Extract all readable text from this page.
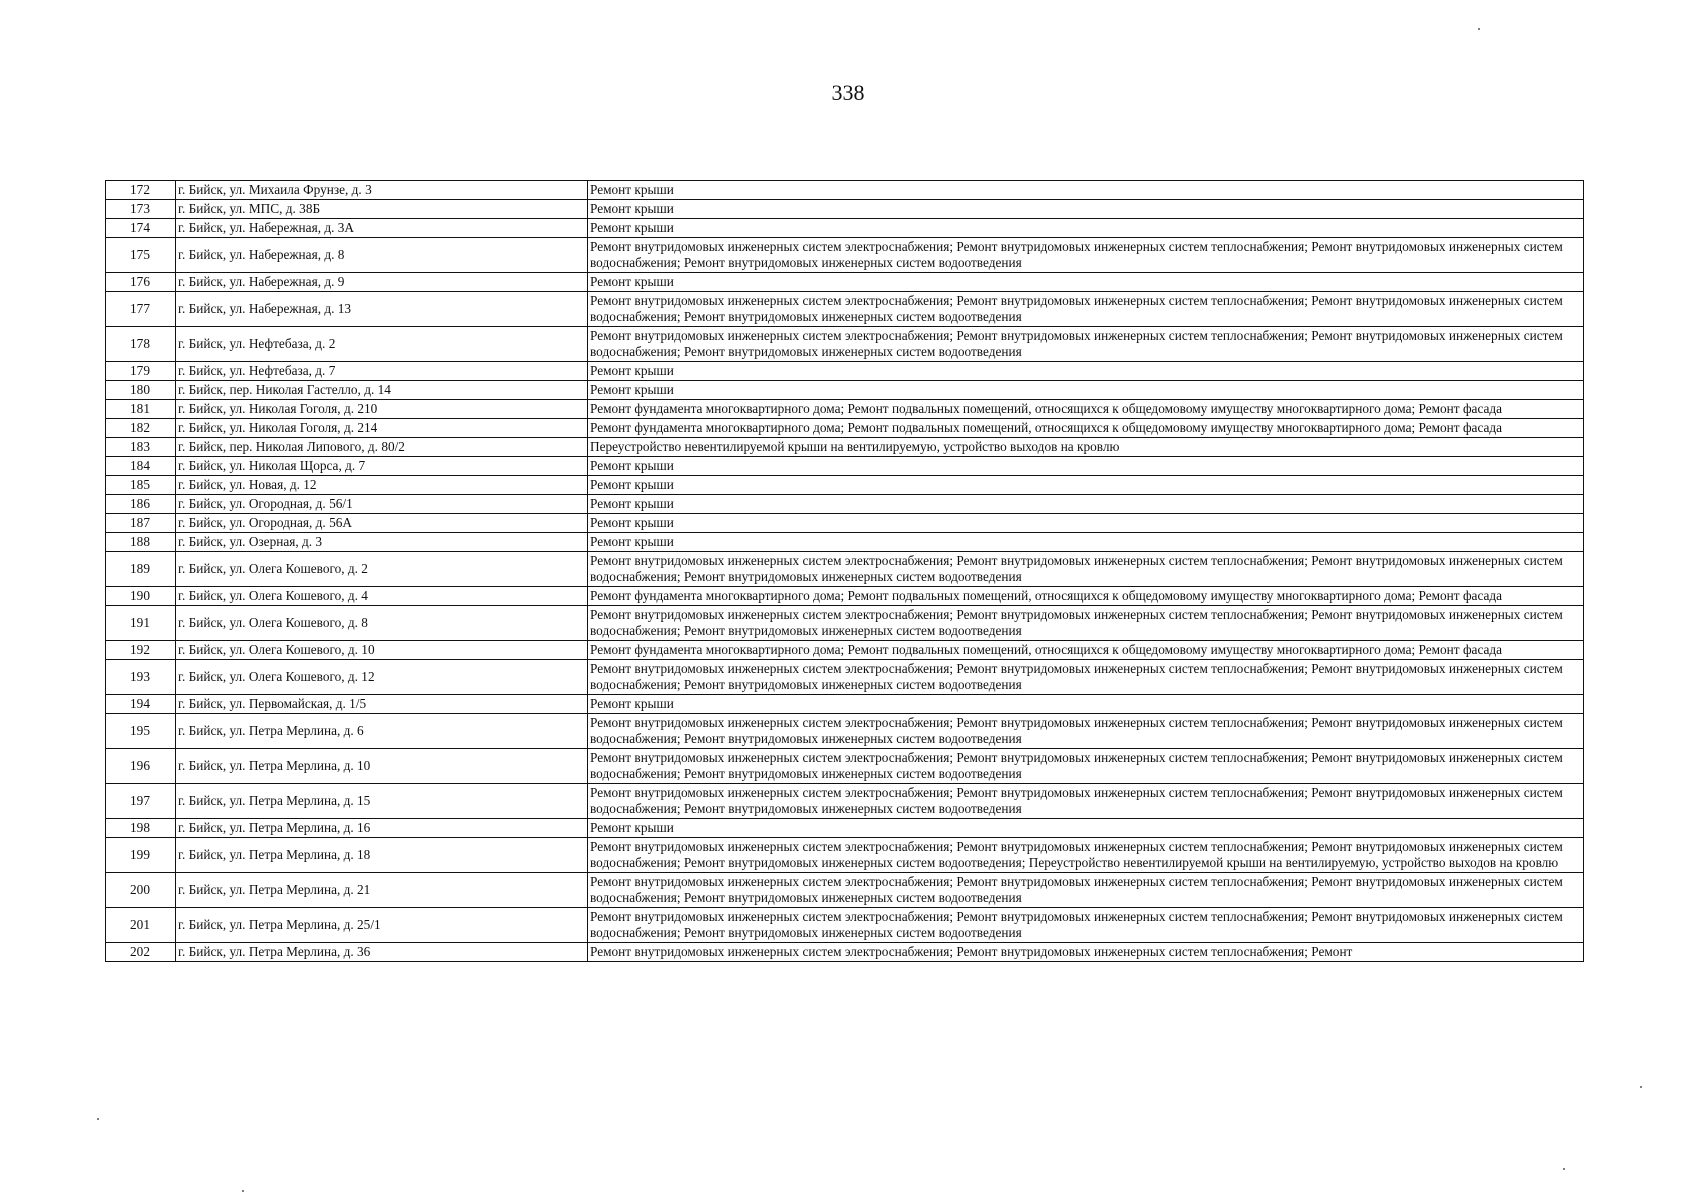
338
172	г. Бийск, ул. Михаила Фрунзе, д. 3	Ремонт крыши
173	г. Бийск, ул. МПС, д. 38Б	Ремонт крыши
174	г. Бийск, ул. Набережная, д. 3А	Ремонт крыши
175	г. Бийск, ул. Набережная, д. 8	Ремонт внутридомовых инженерных систем электроснабжения; Ремонт внутридомовых инженерных систем теплоснабжения; Ремонт внутридомовых инженерных систем водоснабжения; Ремонт внутридомовых инженерных систем водоотведения
176	г. Бийск, ул. Набережная, д. 9	Ремонт крыши
177	г. Бийск, ул. Набережная, д. 13	Ремонт внутридомовых инженерных систем электроснабжения; Ремонт внутридомовых инженерных систем теплоснабжения; Ремонт внутридомовых инженерных систем водоснабжения; Ремонт внутридомовых инженерных систем водоотведения
178	г. Бийск, ул. Нефтебаза, д. 2	Ремонт внутридомовых инженерных систем электроснабжения; Ремонт внутридомовых инженерных систем теплоснабжения; Ремонт внутридомовых инженерных систем водоснабжения; Ремонт внутридомовых инженерных систем водоотведения
179	г. Бийск, ул. Нефтебаза, д. 7	Ремонт крыши
180	г. Бийск, пер. Николая Гастелло, д. 14	Ремонт крыши
181	г. Бийск, ул. Николая Гоголя, д. 210	Ремонт фундамента многоквартирного дома; Ремонт подвальных помещений, относящихся к общедомовому имуществу многоквартирного дома; Ремонт фасада
182	г. Бийск, ул. Николая Гоголя, д. 214	Ремонт фундамента многоквартирного дома; Ремонт подвальных помещений, относящихся к общедомовому имуществу многоквартирного дома; Ремонт фасада
183	г. Бийск, пер. Николая Липового, д. 80/2	Переустройство невентилируемой крыши на вентилируемую, устройство выходов на кровлю
184	г. Бийск, ул. Николая Щорса, д. 7	Ремонт крыши
185	г. Бийск, ул. Новая, д. 12	Ремонт крыши
186	г. Бийск, ул. Огородная, д. 56/1	Ремонт крыши
187	г. Бийск, ул. Огородная, д. 56А	Ремонт крыши
188	г. Бийск, ул. Озерная, д. 3	Ремонт крыши
189	г. Бийск, ул. Олега Кошевого, д. 2	Ремонт внутридомовых инженерных систем электроснабжения; Ремонт внутридомовых инженерных систем теплоснабжения; Ремонт внутридомовых инженерных систем водоснабжения; Ремонт внутридомовых инженерных систем водоотведения
190	г. Бийск, ул. Олега Кошевого, д. 4	Ремонт фундамента многоквартирного дома; Ремонт подвальных помещений, относящихся к общедомовому имуществу многоквартирного дома; Ремонт фасада
191	г. Бийск, ул. Олега Кошевого, д. 8	Ремонт внутридомовых инженерных систем электроснабжения; Ремонт внутридомовых инженерных систем теплоснабжения; Ремонт внутридомовых инженерных систем водоснабжения; Ремонт внутридомовых инженерных систем водоотведения
192	г. Бийск, ул. Олега Кошевого, д. 10	Ремонт фундамента многоквартирного дома; Ремонт подвальных помещений, относящихся к общедомовому имуществу многоквартирного дома; Ремонт фасада
193	г. Бийск, ул. Олега Кошевого, д. 12	Ремонт внутридомовых инженерных систем электроснабжения; Ремонт внутридомовых инженерных систем теплоснабжения; Ремонт внутридомовых инженерных систем водоснабжения; Ремонт внутридомовых инженерных систем водоотведения
194	г. Бийск, ул. Первомайская, д. 1/5	Ремонт крыши
195	г. Бийск, ул. Петра Мерлина, д. 6	Ремонт внутридомовых инженерных систем электроснабжения; Ремонт внутридомовых инженерных систем теплоснабжения; Ремонт внутридомовых инженерных систем водоснабжения; Ремонт внутридомовых инженерных систем водоотведения
196	г. Бийск, ул. Петра Мерлина, д. 10	Ремонт внутридомовых инженерных систем электроснабжения; Ремонт внутридомовых инженерных систем теплоснабжения; Ремонт внутридомовых инженерных систем водоснабжения; Ремонт внутридомовых инженерных систем водоотведения
197	г. Бийск, ул. Петра Мерлина, д. 15	Ремонт внутридомовых инженерных систем электроснабжения; Ремонт внутридомовых инженерных систем теплоснабжения; Ремонт внутридомовых инженерных систем водоснабжения; Ремонт внутридомовых инженерных систем водоотведения
198	г. Бийск, ул. Петра Мерлина, д. 16	Ремонт крыши
199	г. Бийск, ул. Петра Мерлина, д. 18	Ремонт внутридомовых инженерных систем электроснабжения; Ремонт внутридомовых инженерных систем теплоснабжения; Ремонт внутридомовых инженерных систем водоснабжения; Ремонт внутридомовых инженерных систем водоотведения; Переустройство невентилируемой крыши на вентилируемую, устройство выходов на кровлю
200	г. Бийск, ул. Петра Мерлина, д. 21	Ремонт внутридомовых инженерных систем электроснабжения; Ремонт внутридомовых инженерных систем теплоснабжения; Ремонт внутридомовых инженерных систем водоснабжения; Ремонт внутридомовых инженерных систем водоотведения
201	г. Бийск, ул. Петра Мерлина, д. 25/1	Ремонт внутридомовых инженерных систем электроснабжения; Ремонт внутридомовых инженерных систем теплоснабжения; Ремонт внутридомовых инженерных систем водоснабжения; Ремонт внутридомовых инженерных систем водоотведения
202	г. Бийск, ул. Петра Мерлина, д. 36	Ремонт внутридомовых инженерных систем электроснабжения; Ремонт внутридомовых инженерных систем теплоснабжения; Ремонт
